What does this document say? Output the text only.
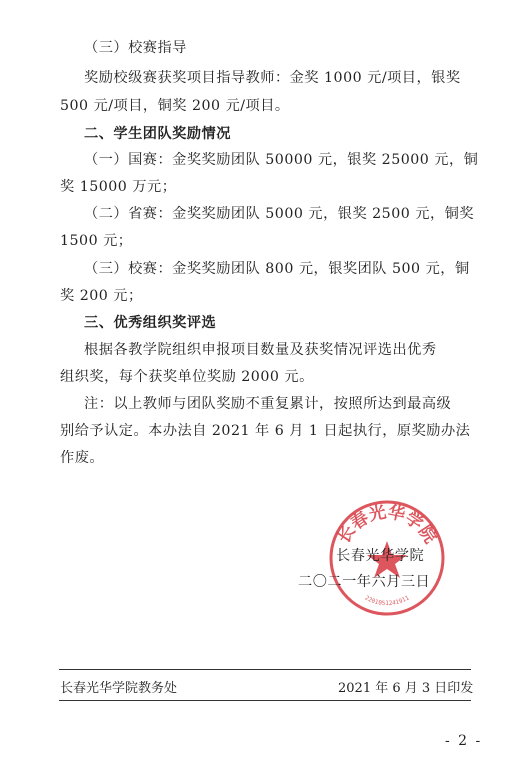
（三）校赛指导
奖励校级赛获奖项目指导教师：金奖 1000 元/项目，银奖
500 元/项目，铜奖 200 元/项目。
二、学生团队奖励情况
（一）国赛：金奖奖励团队 50000 元，银奖 25000 元，铜
奖 15000 万元；
（二）省赛：金奖奖励团队 5000 元，银奖 2500 元，铜奖
1500 元；
（三）校赛：金奖奖励团队 800 元，银奖团队 500 元，铜
奖 200 元；
三、优秀组织奖评选
根据各教学院组织申报项目数量及获奖情况评选出优秀
组织奖，每个获奖单位奖励 2000 元。
注：以上教师与团队奖励不重复累计，按照所达到最高级
别给予认定。本办法自 2021 年 6 月 1 日起执行，原奖励办法
作废。
长春光华学院
2201051241911
长春光华学院
二〇二一年六月三日
长春光华学院教务处	2021 年 6 月 3 日印发
- 2 -
